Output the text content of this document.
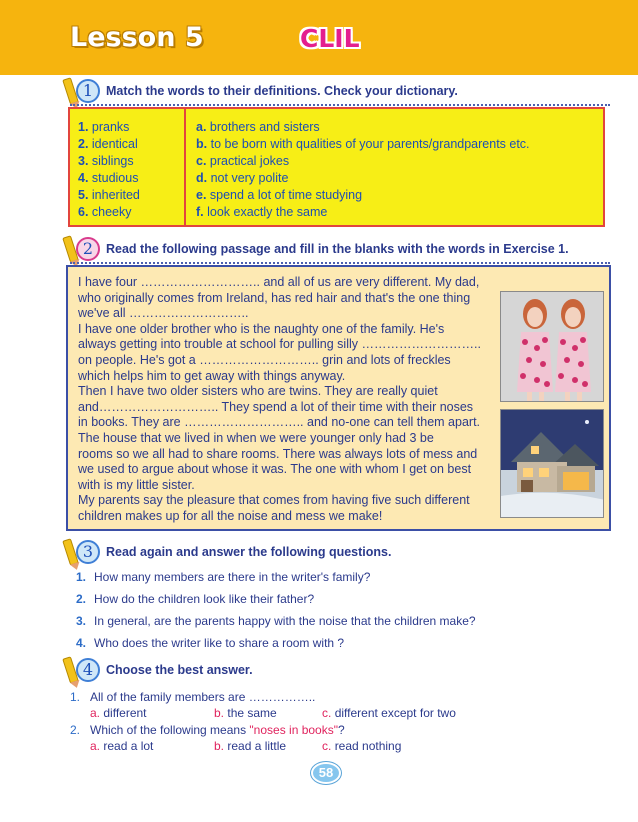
Lesson 5	CLIL
1	Match the words to their definitions. Check your dictionary.
1. pranks
2. identical
3. siblings
4. studious
5. inherited
6. cheeky
a. brothers and sisters
b. to be born with qualities of your parents/grandparents etc.
c. practical jokes
d. not very polite
e. spend a lot of time studying
f. look exactly the same
2	Read the following passage and fill in the blanks with the words in Exercise 1.

I have four ……………………….. and all of us are very different. My dad,

who originally comes from Ireland, has red hair and that's the one thing

we've all ………………………..

I have one older brother who is the naughty one of the family. He's

always getting into trouble at school for pulling silly ………………………..

on people. He's got a ……………………….. grin and lots of freckles

which helps him to get away with things anyway.

Then I have two older sisters who are twins. They are really quiet

and……………………….. They spend a lot of their time with their noses

in books. They are ……………………….. and no-one can tell them apart.

The house that we lived in when we were younger only had 3 be

rooms so we all had to share rooms. There was always lots of mess and

we used to argue about whose it was. The one with whom I get on best

with is my little sister.

My parents say the pleasure that comes from having five such different

children makes up for all the noise and mess we make!

3	Read again and answer the following questions.
1. How many members are there in the writer's family?
2. How do the children look like their father?
3. In general, are the parents happy with the noise that the children make?
4. Who does the writer like to share a room with ?
4	Choose the best answer.
1. All of the family members are ……………..
a. different	b. the same	c. different except for two
2. Which of the following means "noses in books"?
a. read a lot	b. read a little	c. read nothing
58
